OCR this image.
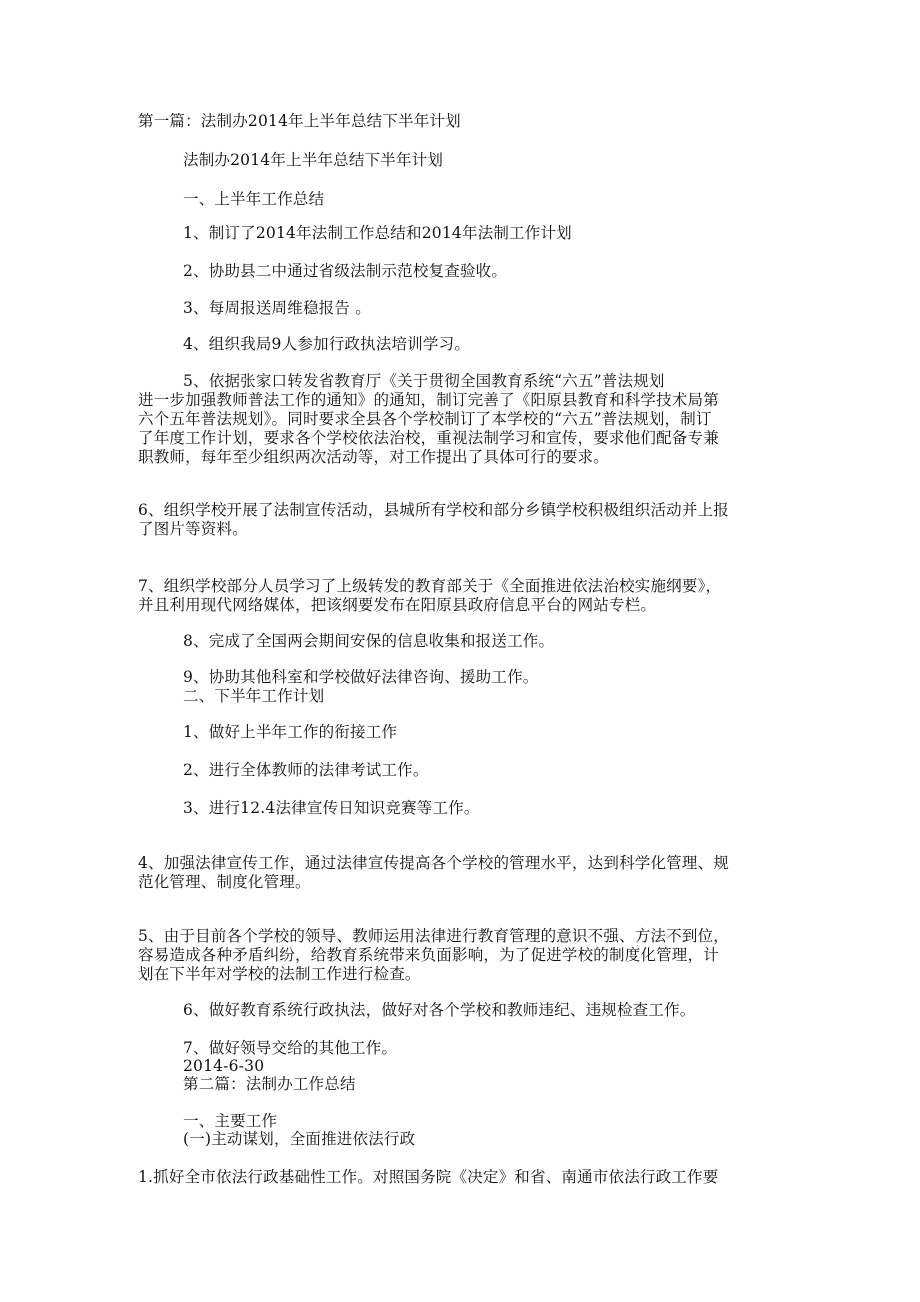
第一篇：法制办2014年上半年总结下半年计划
法制办2014年上半年总结下半年计划
一、上半年工作总结
1、制订了2014年法制工作总结和2014年法制工作计划
2、协助县二中通过省级法制示范校复查验收。
3、每周报送周维稳报告 。
4、组织我局9人参加行政执法培训学习。
5、依据张家口转发省教育厅《关于贯彻全国教育系统“六五”普法规划
进一步加强教师普法工作的通知》的通知，制订完善了《阳原县教育和科学技术局第
六个五年普法规划》。同时要求全县各个学校制订了本学校的“六五”普法规划，制订
了年度工作计划，要求各个学校依法治校，重视法制学习和宣传，要求他们配备专兼
职教师，每年至少组织两次活动等，对工作提出了具体可行的要求。
6、组织学校开展了法制宣传活动，县城所有学校和部分乡镇学校积极组织活动并上报
了图片等资料。
7、组织学校部分人员学习了上级转发的教育部关于《全面推进依法治校实施纲要》，
并且利用现代网络媒体，把该纲要发布在阳原县政府信息平台的网站专栏。
8、完成了全国两会期间安保的信息收集和报送工作。
9、协助其他科室和学校做好法律咨询、援助工作。
二、下半年工作计划
1、做好上半年工作的衔接工作
2、进行全体教师的法律考试工作。
3、进行12.4法律宣传日知识竞赛等工作。
4、加强法律宣传工作，通过法律宣传提高各个学校的管理水平，达到科学化管理、规
范化管理、制度化管理。
5、由于目前各个学校的领导、教师运用法律进行教育管理的意识不强、方法不到位，
容易造成各种矛盾纠纷，给教育系统带来负面影响，为了促进学校的制度化管理，计
划在下半年对学校的法制工作进行检查。
6、做好教育系统行政执法，做好对各个学校和教师违纪、违规检查工作。
7、做好领导交给的其他工作。
2014-6-30
第二篇：法制办工作总结
一、主要工作
(一)主动谋划，全面推进依法行政
1.抓好全市依法行政基础性工作。对照国务院《决定》和省、南通市依法行政工作要
